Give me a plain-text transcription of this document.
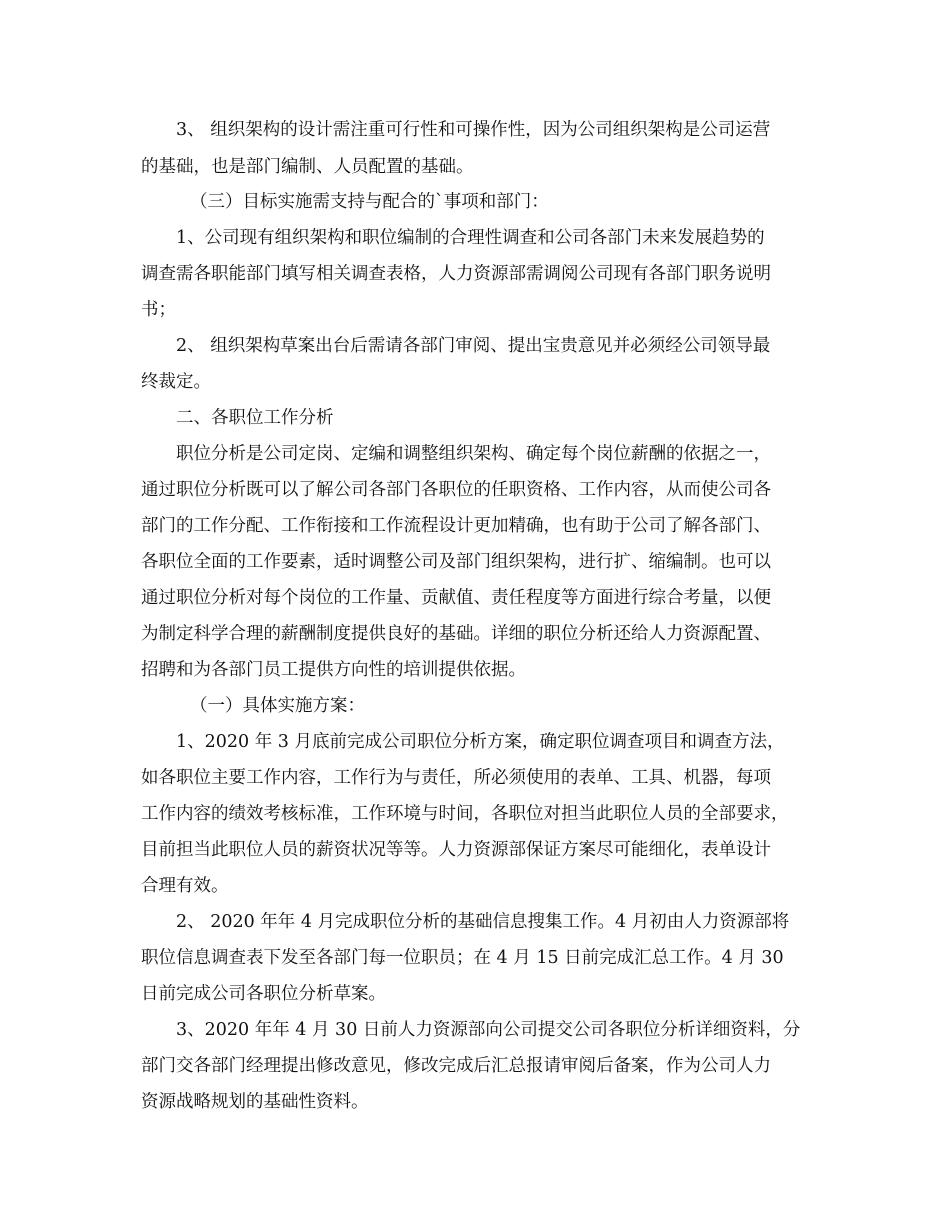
3、 组织架构的设计需注重可行性和可操作性，因为公司组织架构是公司运营
的基础，也是部门编制、人员配置的基础。
（三）目标实施需支持与配合的`事项和部门：
1、公司现有组织架构和职位编制的合理性调查和公司各部门未来发展趋势的
调查需各职能部门填写相关调查表格，人力资源部需调阅公司现有各部门职务说明
书；
2、 组织架构草案出台后需请各部门审阅、提出宝贵意见并必须经公司领导最
终裁定。
二、各职位工作分析
职位分析是公司定岗、定编和调整组织架构、确定每个岗位薪酬的依据之一，
通过职位分析既可以了解公司各部门各职位的任职资格、工作内容，从而使公司各
部门的工作分配、工作衔接和工作流程设计更加精确，也有助于公司了解各部门、
各职位全面的工作要素，适时调整公司及部门组织架构，进行扩、缩编制。也可以
通过职位分析对每个岗位的工作量、贡献值、责任程度等方面进行综合考量，以便
为制定科学合理的薪酬制度提供良好的基础。详细的职位分析还给人力资源配置、
招聘和为各部门员工提供方向性的培训提供依据。
（一）具体实施方案：
1、2020 年 3 月底前完成公司职位分析方案，确定职位调查项目和调查方法，
如各职位主要工作内容，工作行为与责任，所必须使用的表单、工具、机器，每项
工作内容的绩效考核标准，工作环境与时间，各职位对担当此职位人员的全部要求，
目前担当此职位人员的薪资状况等等。人力资源部保证方案尽可能细化，表单设计
合理有效。
2、 2020 年年 4 月完成职位分析的基础信息搜集工作。4 月初由人力资源部将
职位信息调查表下发至各部门每一位职员；在 4 月 15 日前完成汇总工作。4 月 30
日前完成公司各职位分析草案。
3、2020 年年 4 月 30 日前人力资源部向公司提交公司各职位分析详细资料，分
部门交各部门经理提出修改意见，修改完成后汇总报请审阅后备案，作为公司人力
资源战略规划的基础性资料。
